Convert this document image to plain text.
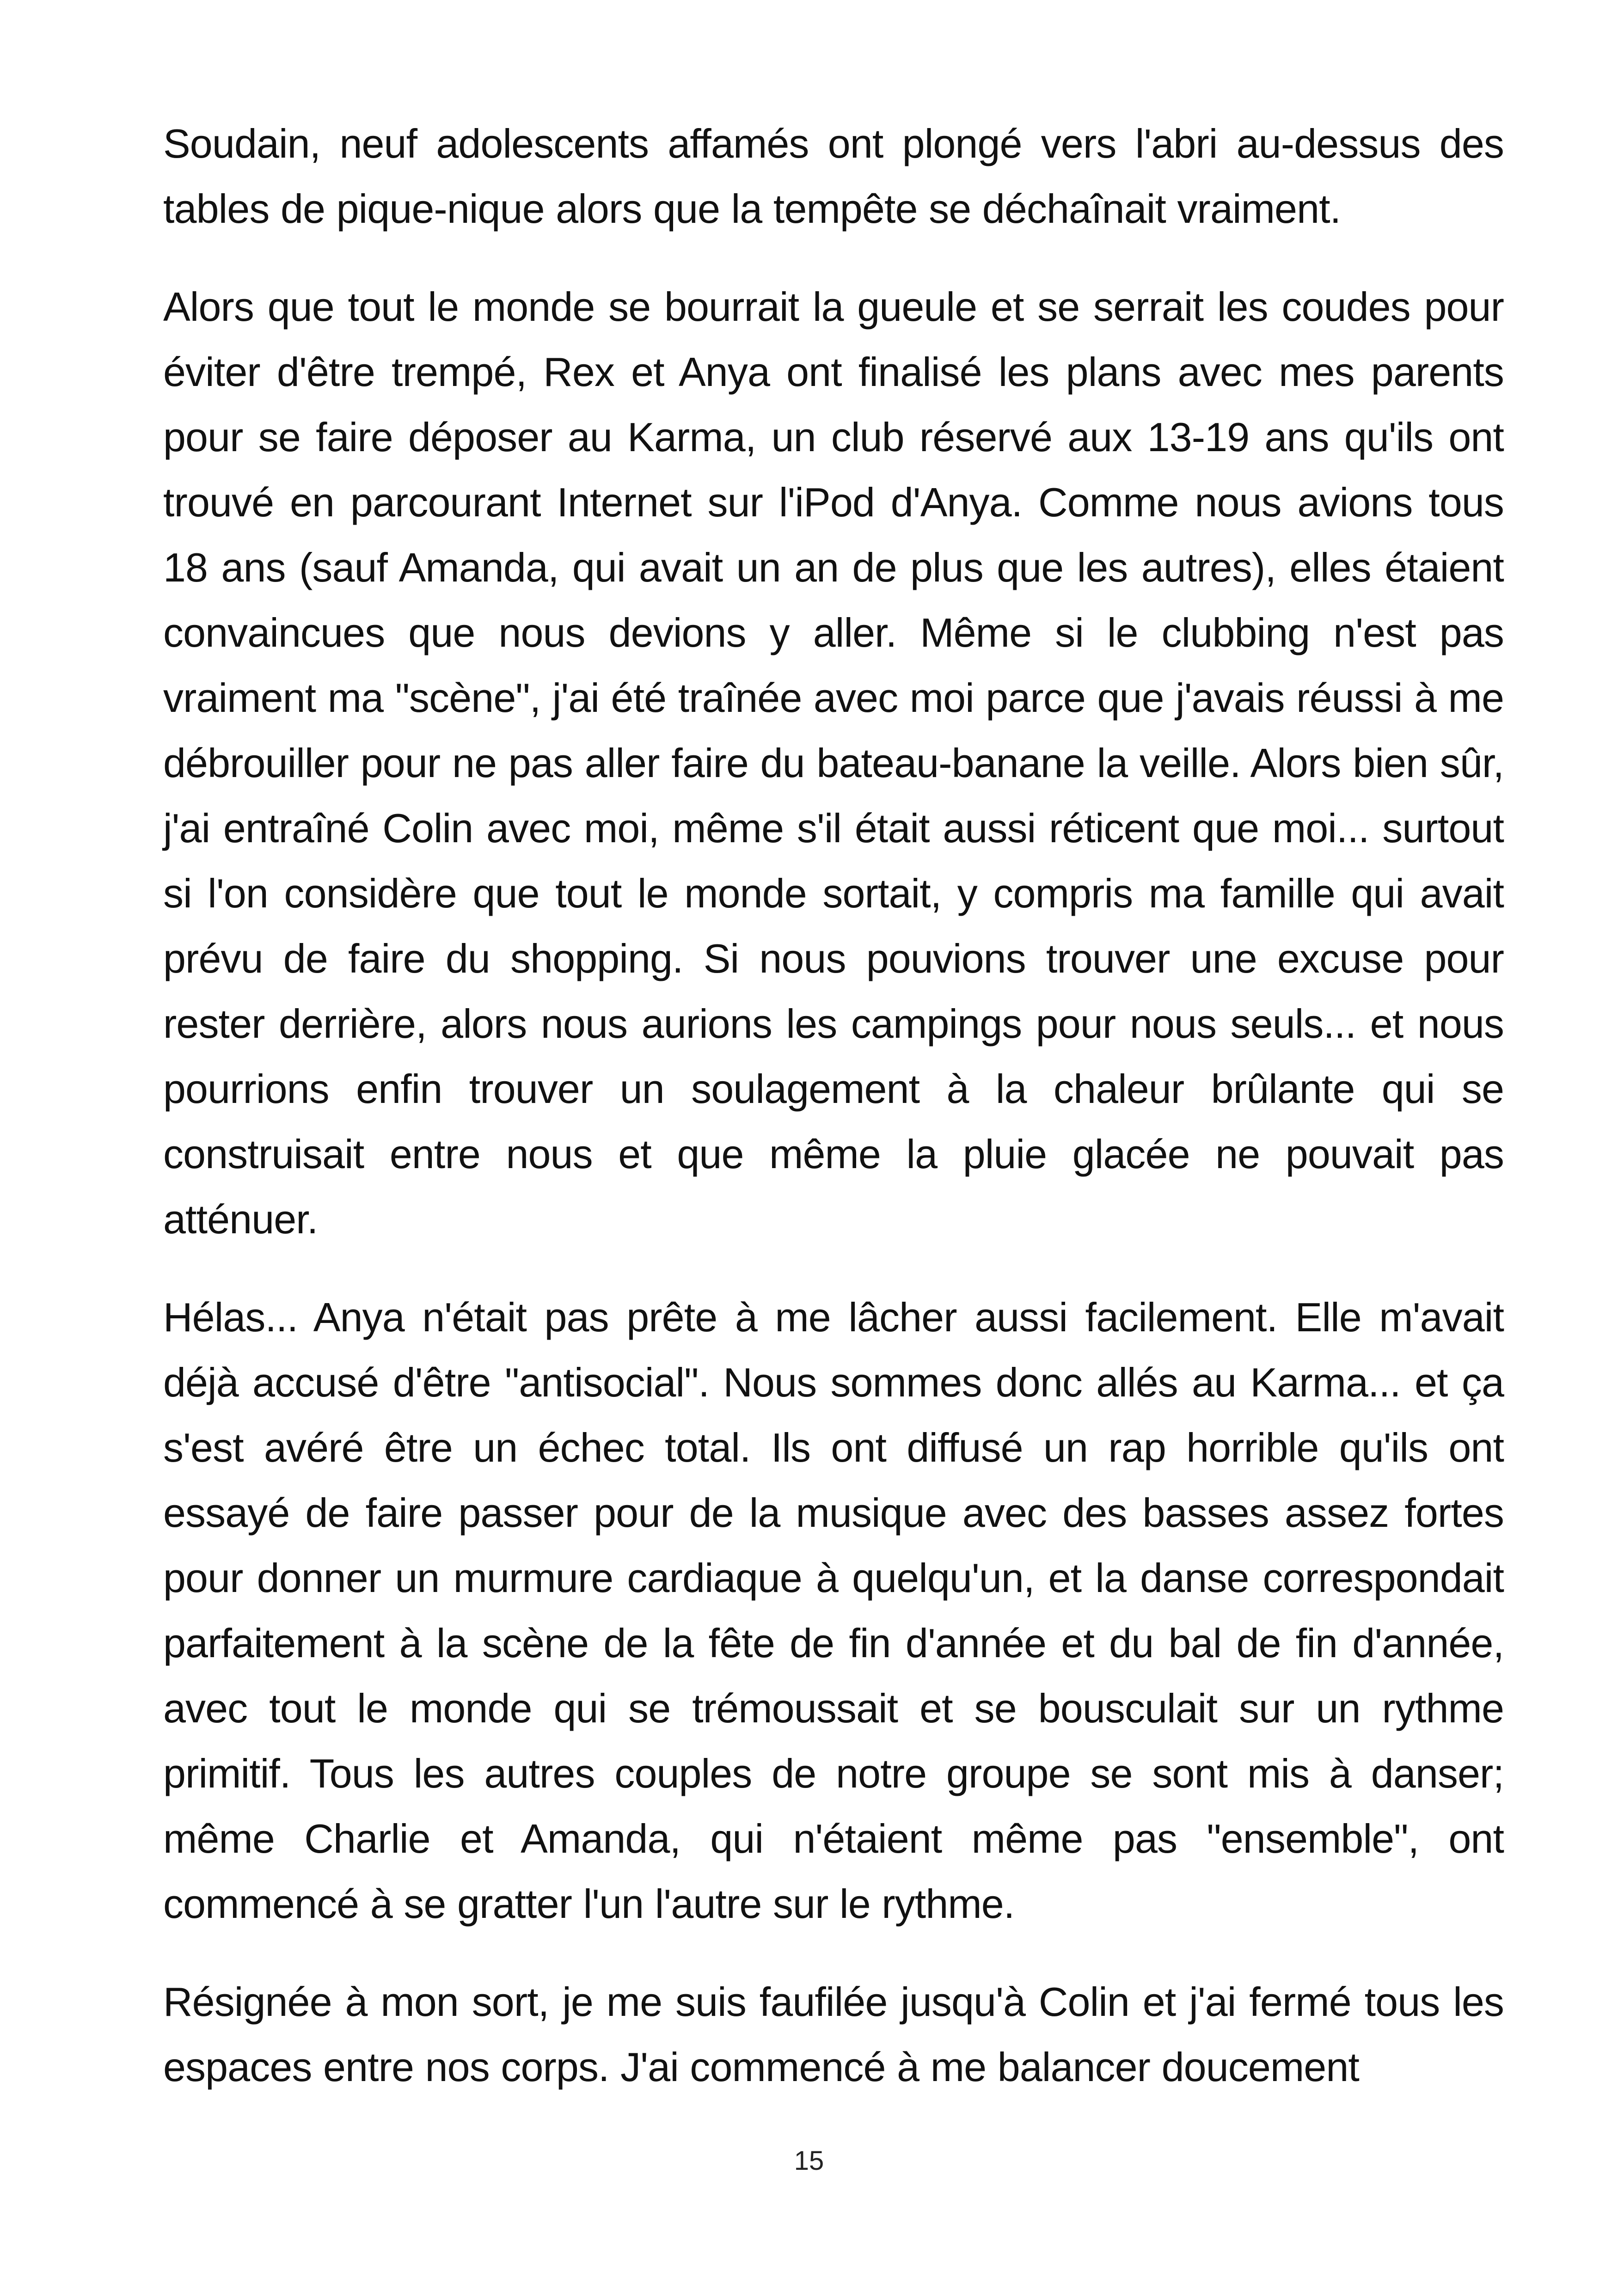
Soudain, neuf adolescents affamés ont plongé vers l'abri au-dessus des tables de pique-nique alors que la tempête se déchaînait vraiment.

Alors que tout le monde se bourrait la gueule et se serrait les coudes pour éviter d'être trempé, Rex et Anya ont finalisé les plans avec mes parents pour se faire déposer au Karma, un club réservé aux 13-19 ans qu'ils ont trouvé en parcourant Internet sur l'iPod d'Anya. Comme nous avions tous 18 ans (sauf Amanda, qui avait un an de plus que les autres), elles étaient convaincues que nous devions y aller. Même si le clubbing n'est pas vraiment ma "scène", j'ai été traînée avec moi parce que j'avais réussi à me débrouiller pour ne pas aller faire du bateau-banane la veille. Alors bien sûr, j'ai entraîné Colin avec moi, même s'il était aussi réticent que moi... surtout si l'on considère que tout le monde sortait, y compris ma famille qui avait prévu de faire du shopping. Si nous pouvions trouver une excuse pour rester derrière, alors nous aurions les campings pour nous seuls... et nous pourrions enfin trouver un soulagement à la chaleur brûlante qui se construisait entre nous et que même la pluie glacée ne pouvait pas atténuer.

Hélas... Anya n'était pas prête à me lâcher aussi facilement. Elle m'avait déjà accusé d'être "antisocial". Nous sommes donc allés au Karma... et ça s'est avéré être un échec total. Ils ont diffusé un rap horrible qu'ils ont essayé de faire passer pour de la musique avec des basses assez fortes pour donner un murmure cardiaque à quelqu'un, et la danse correspondait parfaitement à la scène de la fête de fin d'année et du bal de fin d'année, avec tout le monde qui se trémoussait et se bousculait sur un rythme primitif. Tous les autres couples de notre groupe se sont mis à danser; même Charlie et Amanda, qui n'étaient même pas "ensemble", ont commencé à se gratter l'un l'autre sur le rythme.

Résignée à mon sort, je me suis faufilée jusqu'à Colin et j'ai fermé tous les espaces entre nos corps. J'ai commencé à me balancer doucement

15
